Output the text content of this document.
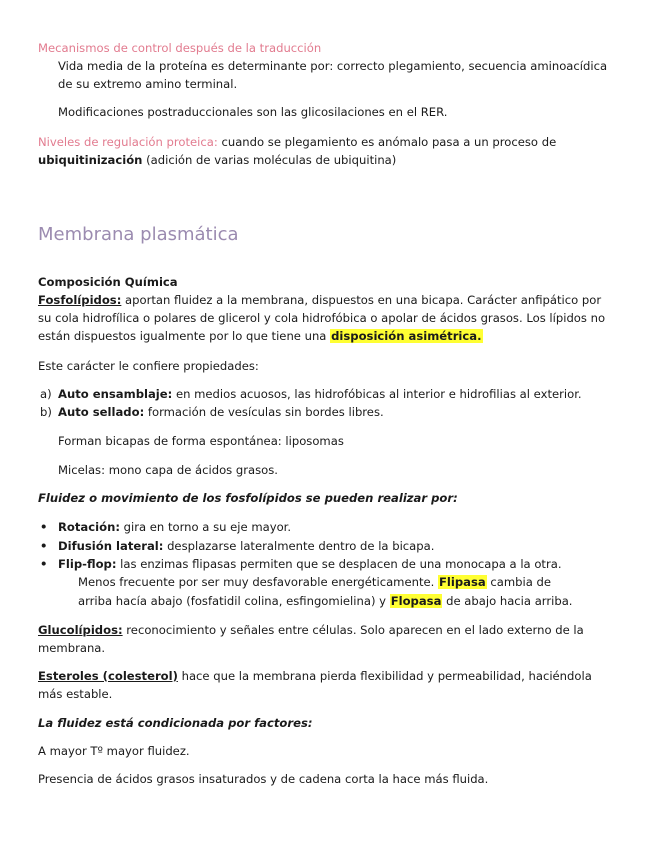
Mecanismos de control después de la traducción
Vida media de la proteína es determinante por: correcto plegamiento, secuencia aminoacídica de su extremo amino terminal.
Modificaciones postraduccionales son las glicosilaciones en el RER.
Niveles de regulación proteica: cuando se plegamiento es anómalo pasa a un proceso de ubiquitinización (adición de varias moléculas de ubiquitina)
Membrana plasmática
Composición Química
Fosfolípidos: aportan fluidez a la membrana, dispuestos en una bicapa. Carácter anfipático por su cola hidrofílica o polares de glicerol y cola hidrofóbica o apolar de ácidos grasos. Los lípidos no están dispuestos igualmente por lo que tiene una disposición asimétrica.
Este carácter le confiere propiedades:
a) Auto ensamblaje: en medios acuosos, las hidrofóbicas al interior e hidrofilias al exterior.
b) Auto sellado: formación de vesículas sin bordes libres.
Forman bicapas de forma espontánea: liposomas
Micelas: mono capa de ácidos grasos.
Fluidez o movimiento de los fosfolípidos se pueden realizar por:
• Rotación: gira en torno a su eje mayor.
• Difusión lateral: desplazarse lateralmente dentro de la bicapa.
• Flip-flop: las enzimas flipasas permiten que se desplacen de una monocapa a la otra.
Menos frecuente por ser muy desfavorable energéticamente. Flipasa cambia de
arriba hacía abajo (fosfatidil colina, esfingomielina) y Flopasa de abajo hacia arriba.
Glucolípidos: reconocimiento y señales entre células. Solo aparecen en el lado externo de la membrana.
Esteroles (colesterol) hace que la membrana pierda flexibilidad y permeabilidad, haciéndola más estable.
La fluidez está condicionada por factores:
A mayor Tº mayor fluidez.
Presencia de ácidos grasos insaturados y de cadena corta la hace más fluida.
